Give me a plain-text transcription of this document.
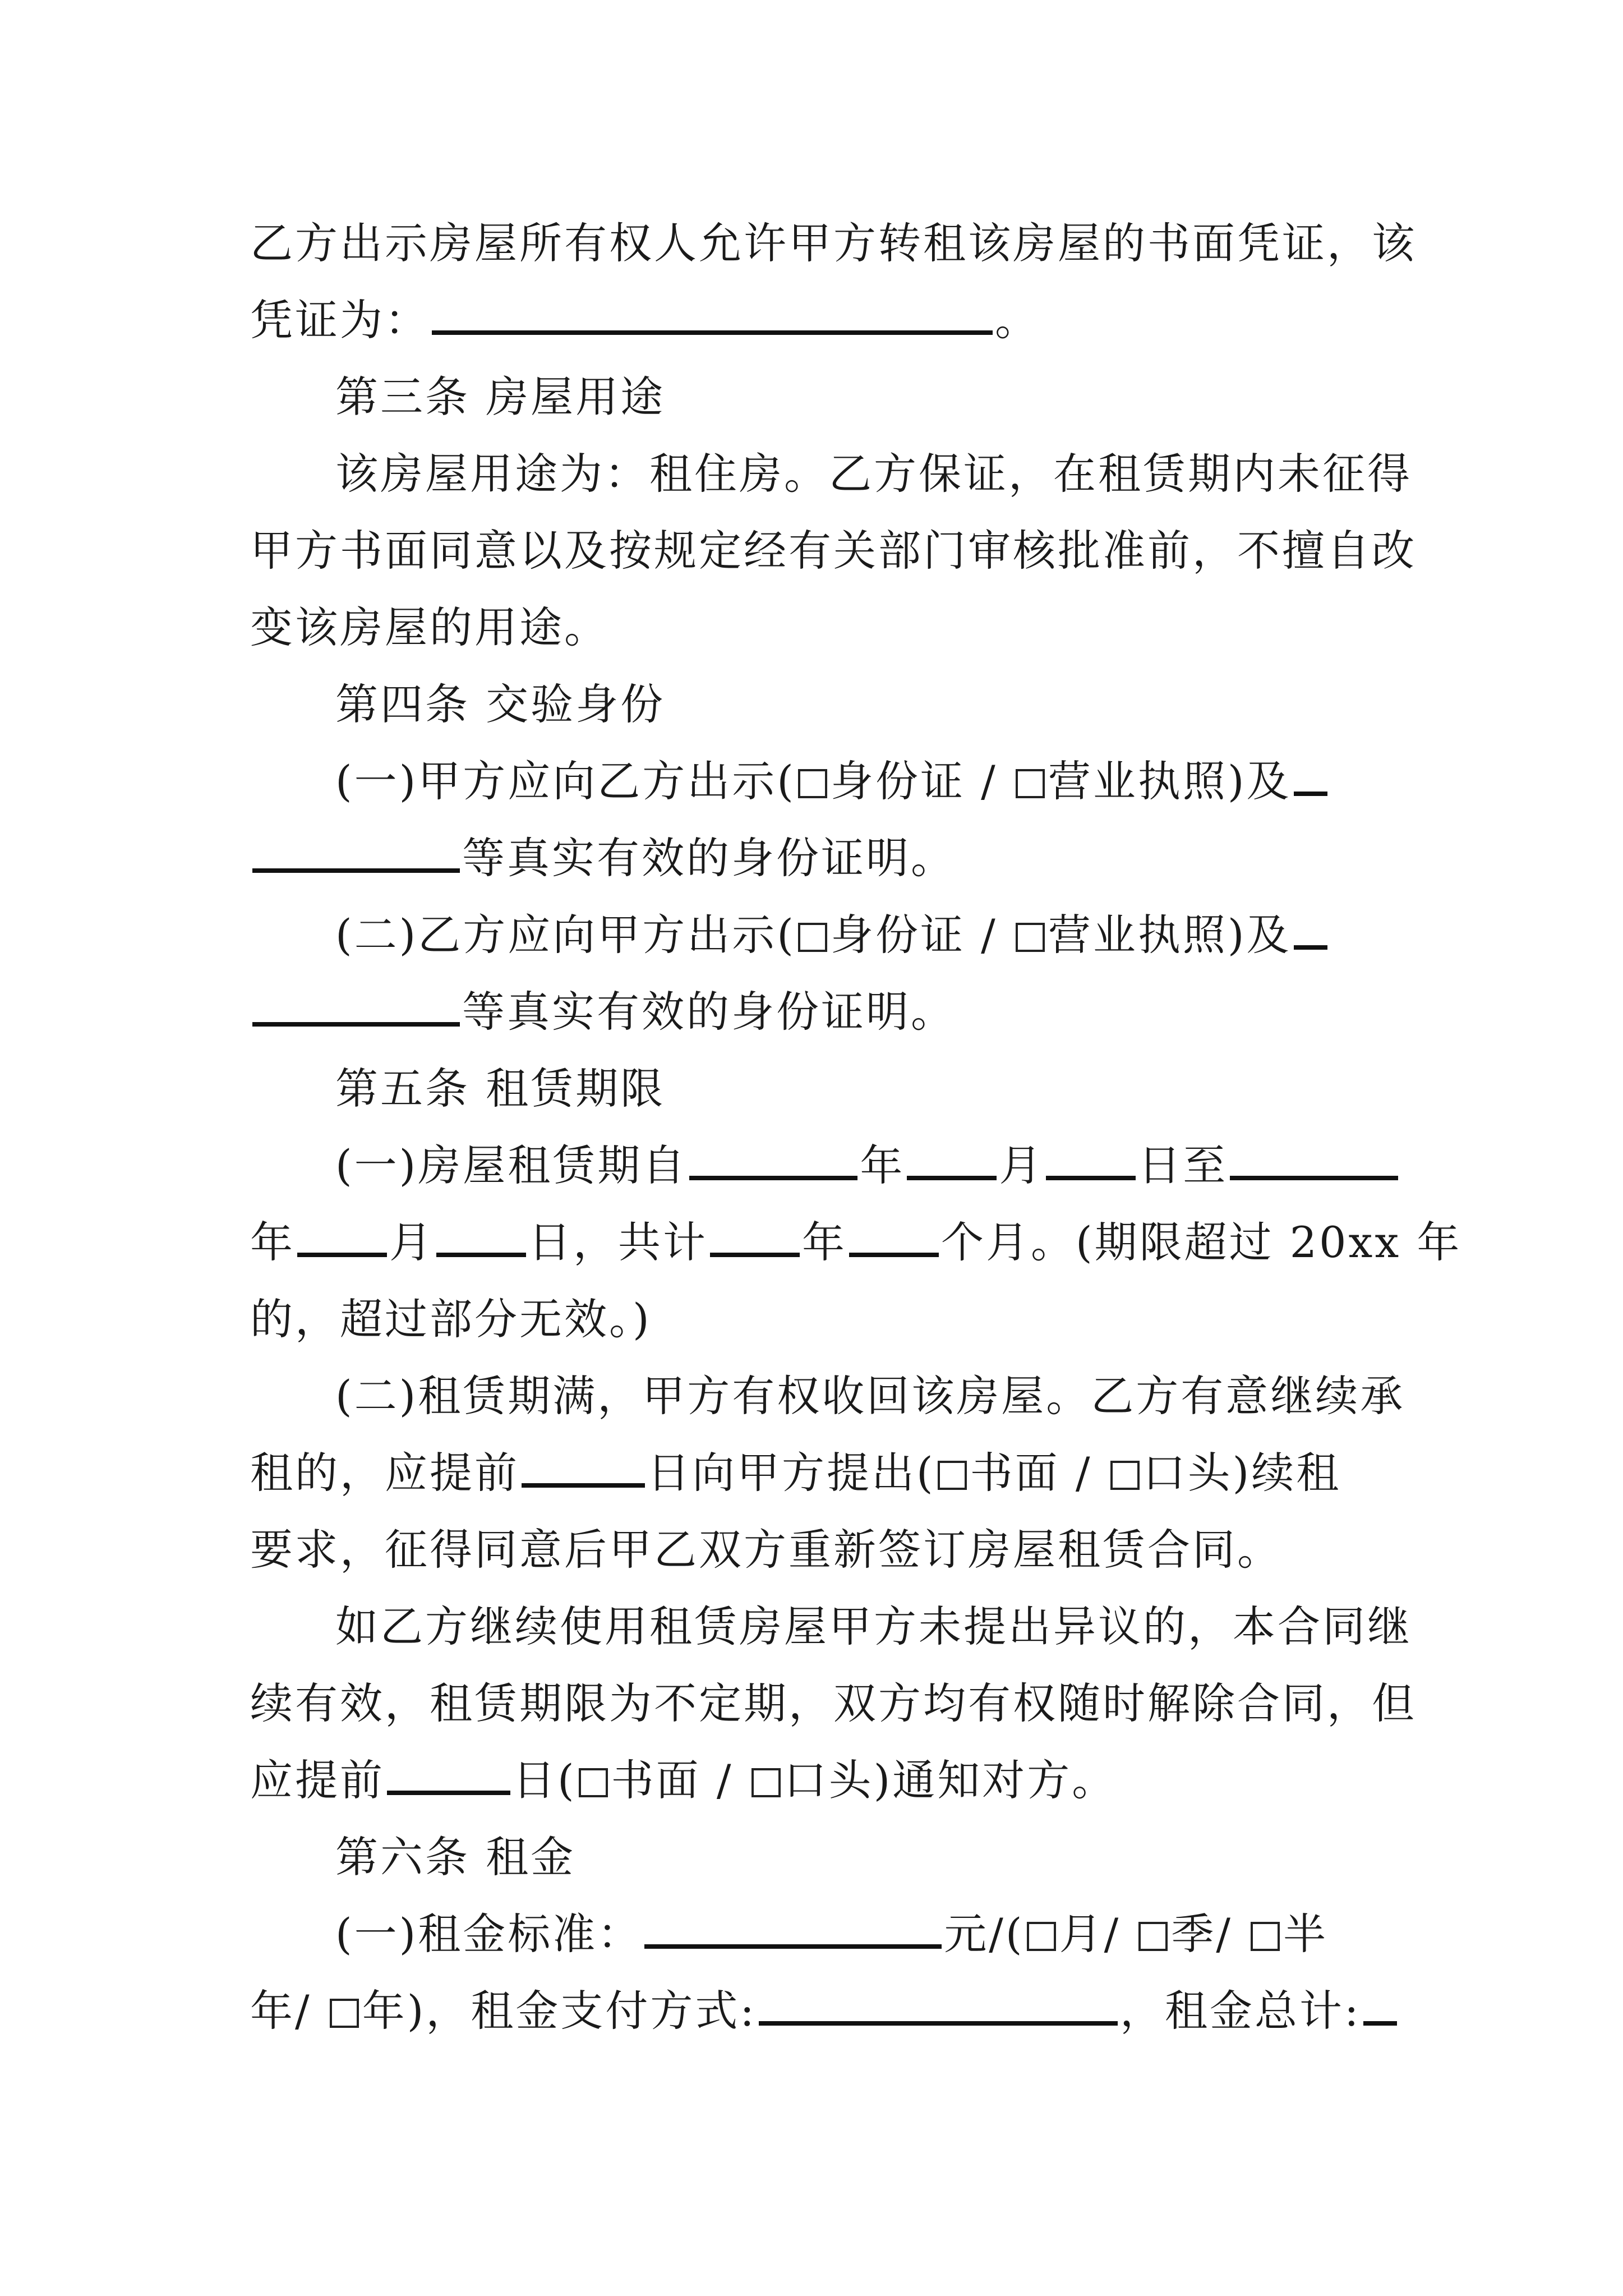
乙方出示房屋所有权人允许甲方转租该房屋的书面凭证，该
凭证为：	。
第三条 房屋用途
该房屋用途为：租住房。乙方保证，在租赁期内未征得
甲方书面同意以及按规定经有关部门审核批准前，不擅自改
变该房屋的用途。
第四条 交验身份
(一)甲方应向乙方出示( 身份证 / 营业执照)及
等真实有效的身份证明。
(二)乙方应向甲方出示( 身份证 / 营业执照)及
等真实有效的身份证明。
第五条 租赁期限
(一)房屋租赁期自	年 月 日至
年 月 日，共计 年 个月。(期限超过 20xx 年
的，超过部分无效。)
(二)租赁期满，甲方有权收回该房屋。乙方有意继续承
租的，应提前	日向甲方提出( 书面 / 口头)续租
要求，征得同意后甲乙双方重新签订房屋租赁合同。
如乙方继续使用租赁房屋甲方未提出异议的，本合同继
续有效，租赁期限为不定期，双方均有权随时解除合同，但
应提前	日( 书面 / 口头)通知对方。
第六条 租金
(一)租金标准：	元/( 月/ 季/ 半
年/ 年)，租金支付方式:	，租金总计:
